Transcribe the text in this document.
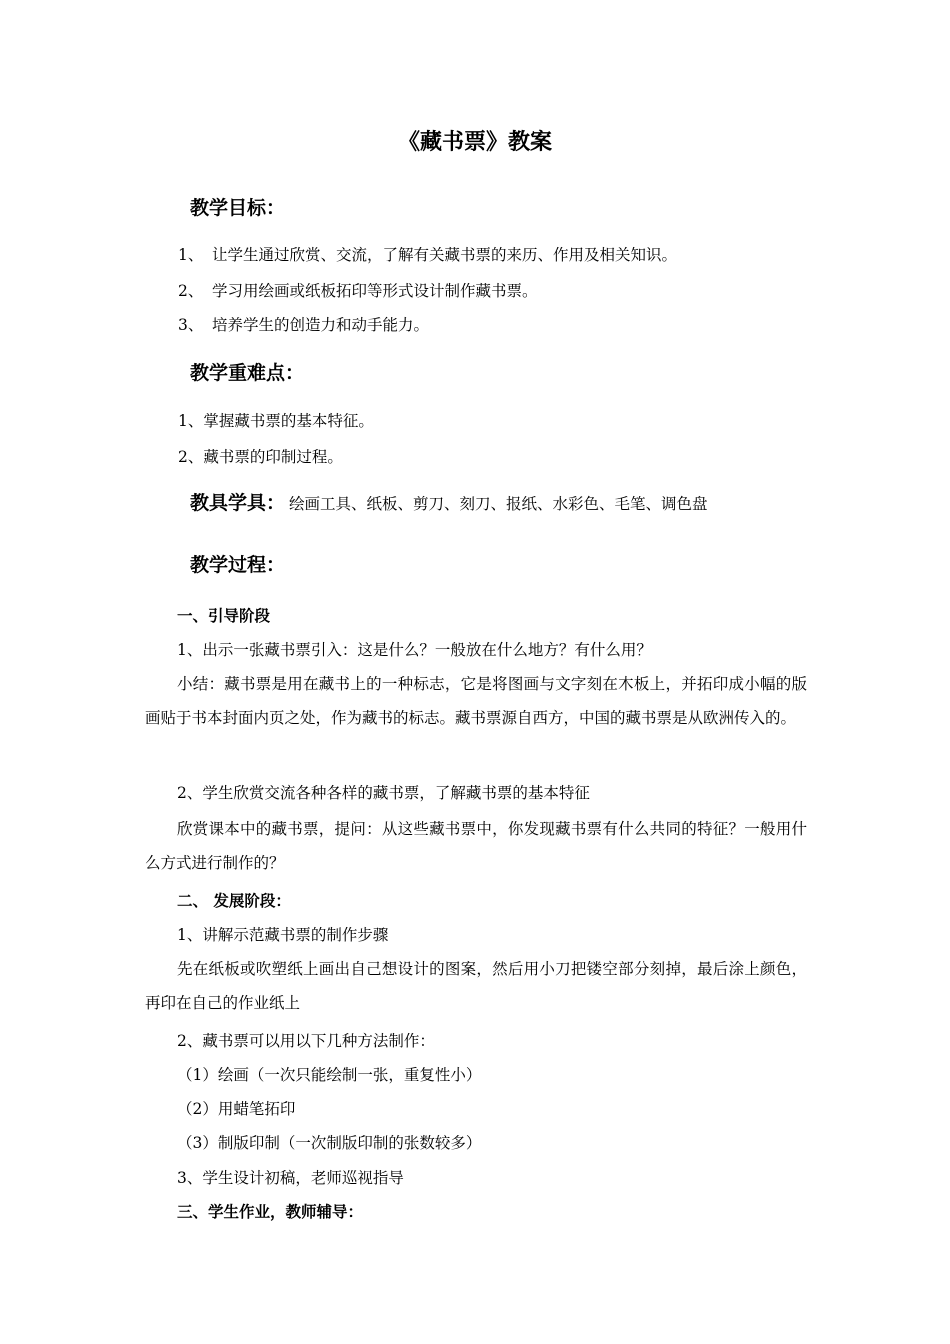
《藏书票》教案
教学目标：
1、 让学生通过欣赏、交流，了解有关藏书票的来历、作用及相关知识。
2、 学习用绘画或纸板拓印等形式设计制作藏书票。
3、 培养学生的创造力和动手能力。
教学重难点：
1、掌握藏书票的基本特征。
2、藏书票的印制过程。
教具学具： 绘画工具、纸板、剪刀、刻刀、报纸、水彩色、毛笔、调色盘
教学过程：
一、引导阶段
1、出示一张藏书票引入：这是什么？一般放在什么地方？有什么用？
小结：藏书票是用在藏书上的一种标志，它是将图画与文字刻在木板上，并拓印成小幅的版画贴于书本封面内页之处，作为藏书的标志。藏书票源自西方，中国的藏书票是从欧洲传入的。
2、学生欣赏交流各种各样的藏书票，了解藏书票的基本特征
欣赏课本中的藏书票，提问：从这些藏书票中，你发现藏书票有什么共同的特征？一般用什么方式进行制作的？
二、 发展阶段：
1、讲解示范藏书票的制作步骤
先在纸板或吹塑纸上画出自己想设计的图案，然后用小刀把镂空部分刻掉，最后涂上颜色，再印在自己的作业纸上
2、藏书票可以用以下几种方法制作：
（1）绘画（一次只能绘制一张，重复性小）
（2）用蜡笔拓印
（3）制版印制（一次制版印制的张数较多）
3、学生设计初稿，老师巡视指导
三、学生作业，教师辅导：
